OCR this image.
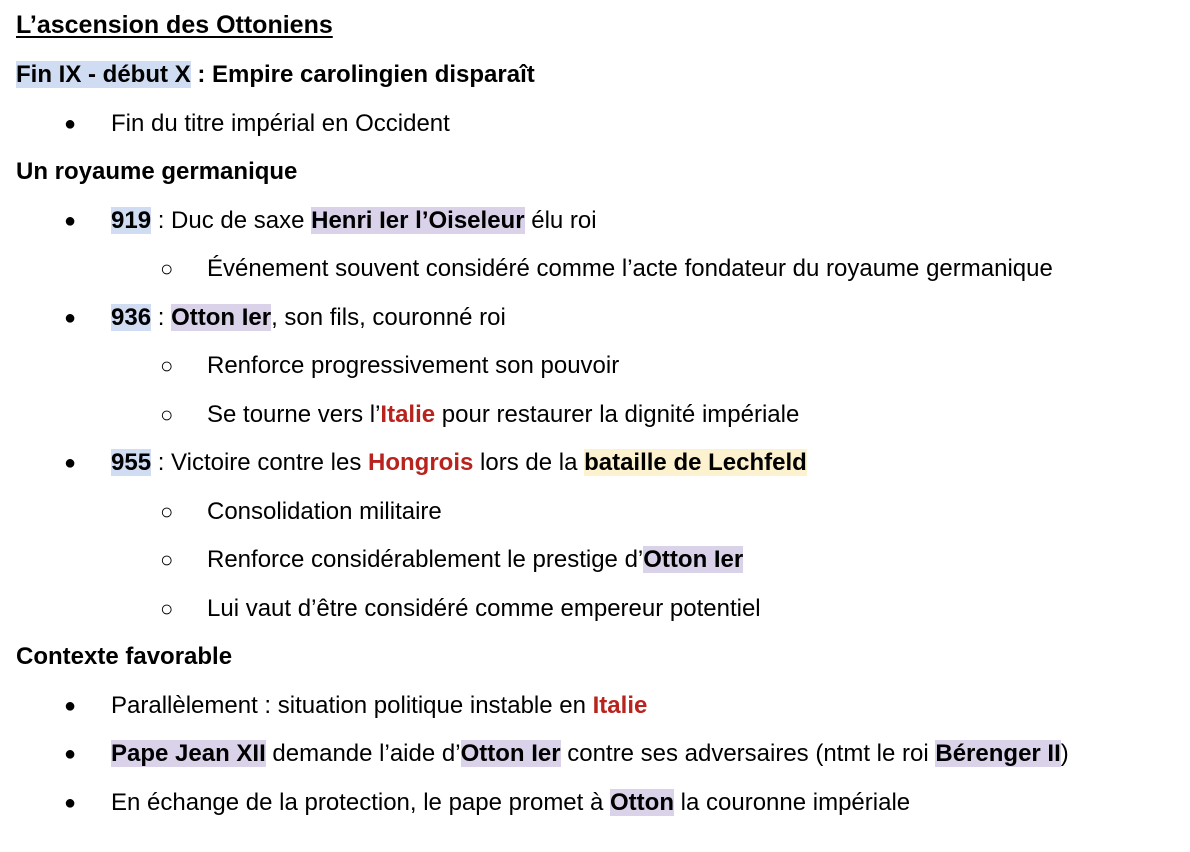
L’ascension des Ottoniens
Fin IX - début X : Empire carolingien disparaît
● Fin du titre impérial en Occident
Un royaume germanique
● 919 : Duc de saxe Henri Ier l’Oiseleur élu roi
○ Événement souvent considéré comme l’acte fondateur du royaume germanique
● 936 : Otton Ier, son fils, couronné roi
○ Renforce progressivement son pouvoir
○ Se tourne vers l’Italie pour restaurer la dignité impériale
● 955 : Victoire contre les Hongrois lors de la bataille de Lechfeld
○ Consolidation militaire
○ Renforce considérablement le prestige d’Otton Ier
○ Lui vaut d’être considéré comme empereur potentiel
Contexte favorable
● Parallèlement : situation politique instable en Italie
● Pape Jean XII demande l’aide d’Otton Ier contre ses adversaires (ntmt le roi Bérenger II)
● En échange de la protection, le pape promet à Otton la couronne impériale
